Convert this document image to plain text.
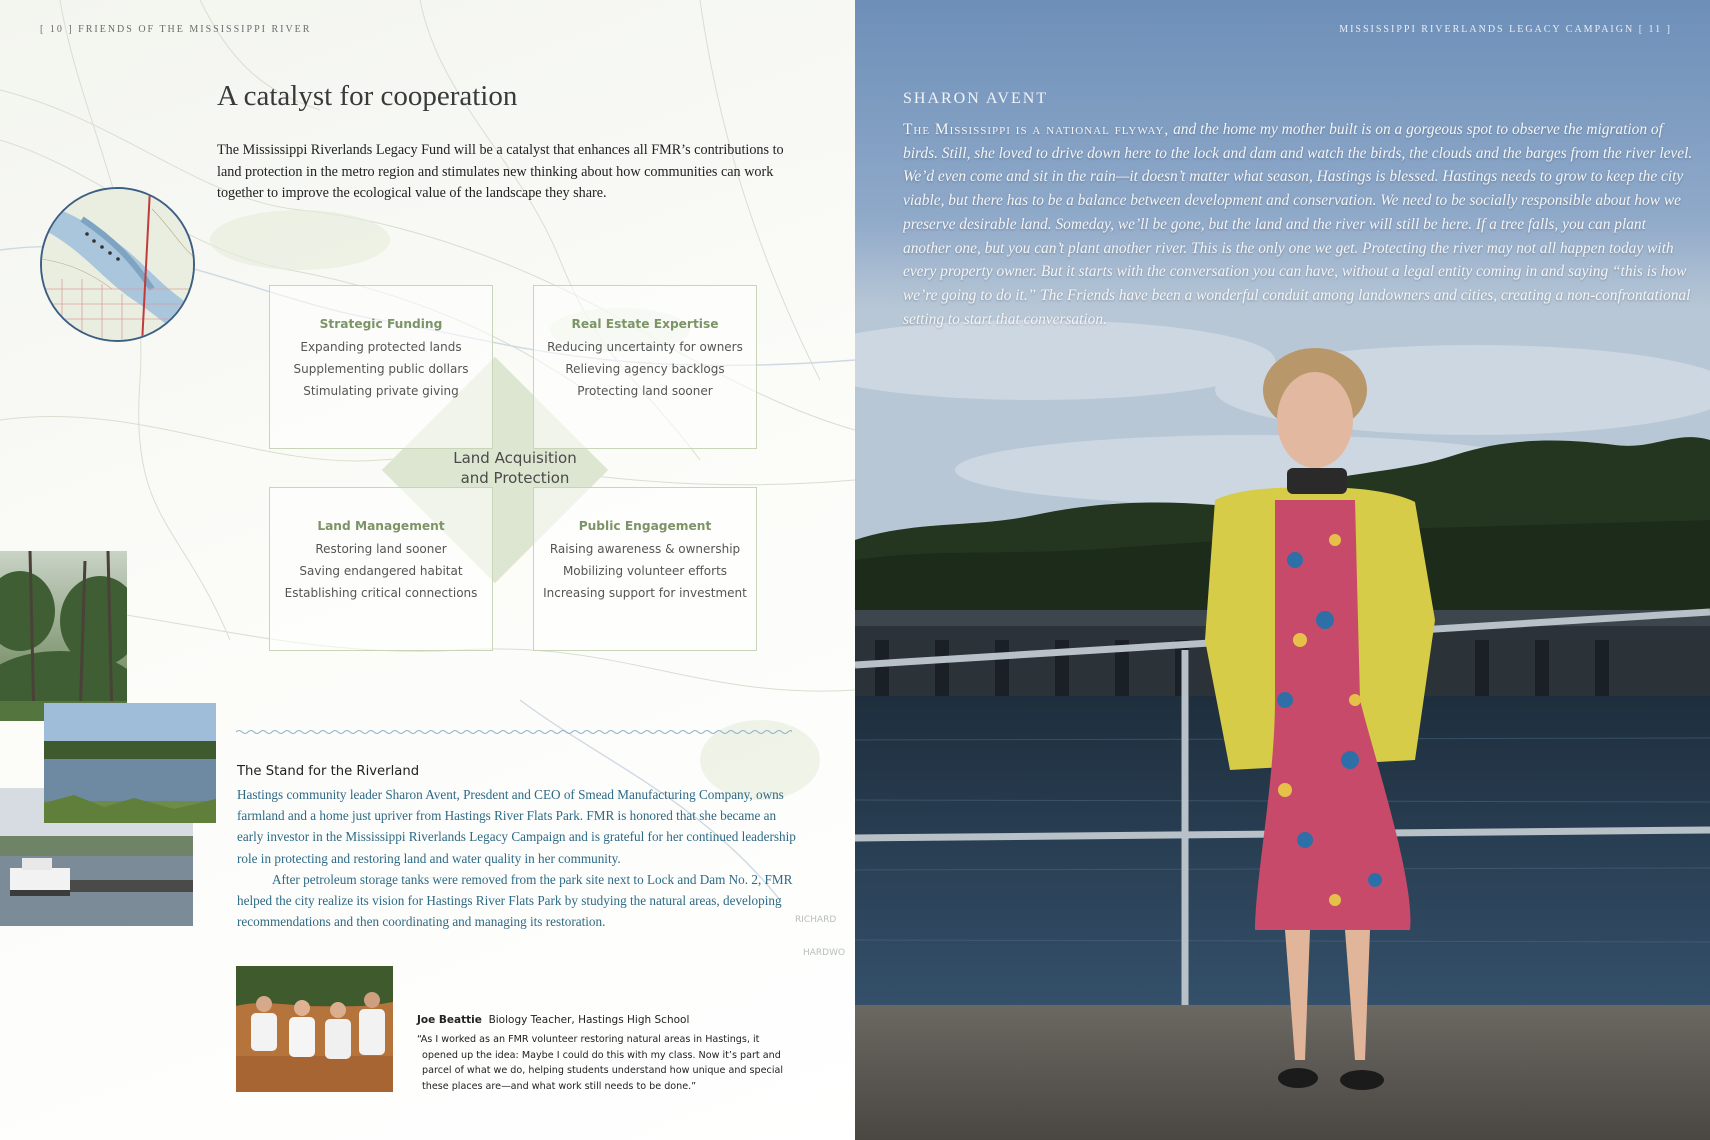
RICHARD
HARDWO
[ 10 ] FRIENDS OF THE MISSISSIPPI RIVER
A catalyst for cooperation

The Mississippi Riverlands Legacy Fund will be a catalyst that enhances all FMR’s contributions to land protection in the metro region and stimulates new thinking about how communities can work together to improve the ecological value of the landscape they share.

Strategic Funding
Expanding protected lands
Supplementing public dollars
Stimulating private giving
Real Estate Expertise
Reducing uncertainty for owners
Relieving agency backlogs
Protecting land sooner
Land Management
Restoring land sooner
Saving endangered habitat
Establishing critical connections
Public Engagement
Raising awareness & ownership
Mobilizing volunteer efforts
Increasing support for investment
Land Acquisition
and Protection
The Stand for the Riverland

Hastings community leader Sharon Avent, Presdent and CEO of Smead Manufacturing Company, owns farmland and a home just upriver from Hastings River Flats Park. FMR is honored that she became an early investor in the Mississippi Riverlands Legacy Campaign and is grateful for her continued leadership role in protecting and restoring land and water quality in her community.

After petroleum storage tanks were removed from the park site next to Lock and Dam No. 2, FMR helped the city realize its vision for Hastings River Flats Park by studying the natural areas, developing recommendations and then coordinating and managing its restoration.

Joe Beattie Biology Teacher, Hastings High School
“As I worked as an FMR volunteer restoring natural areas in Hastings, it opened up the idea: Maybe I could do this with my class. Now it’s part and parcel of what we do, helping students understand how unique and special these places are—and what work still needs to be done.”
MISSISSIPPI RIVERLANDS LEGACY CAMPAIGN [ 11 ]
SHARON AVENT

The Mississippi is a national flyway, and the home my mother built is on a gorgeous spot to observe the migration of birds. Still, she loved to drive down here to the lock and dam and watch the birds, the clouds and the barges from the river level. We’d even come and sit in the rain—it doesn’t matter what season, Hastings is blessed. Hastings needs to grow to keep the city viable, but there has to be a balance between development and conservation. We need to be socially responsible about how we preserve desirable land. Someday, we’ll be gone, but the land and the river will still be here. If a tree falls, you can plant another one, but you can’t plant another river. This is the only one we get. Protecting the river may not all happen today with every property owner. But it starts with the conversation you can have, without a legal entity coming in and saying “this is how we’re going to do it.” The Friends have been a wonderful conduit among landowners and cities, creating a non-confrontational setting to start that conversation.
